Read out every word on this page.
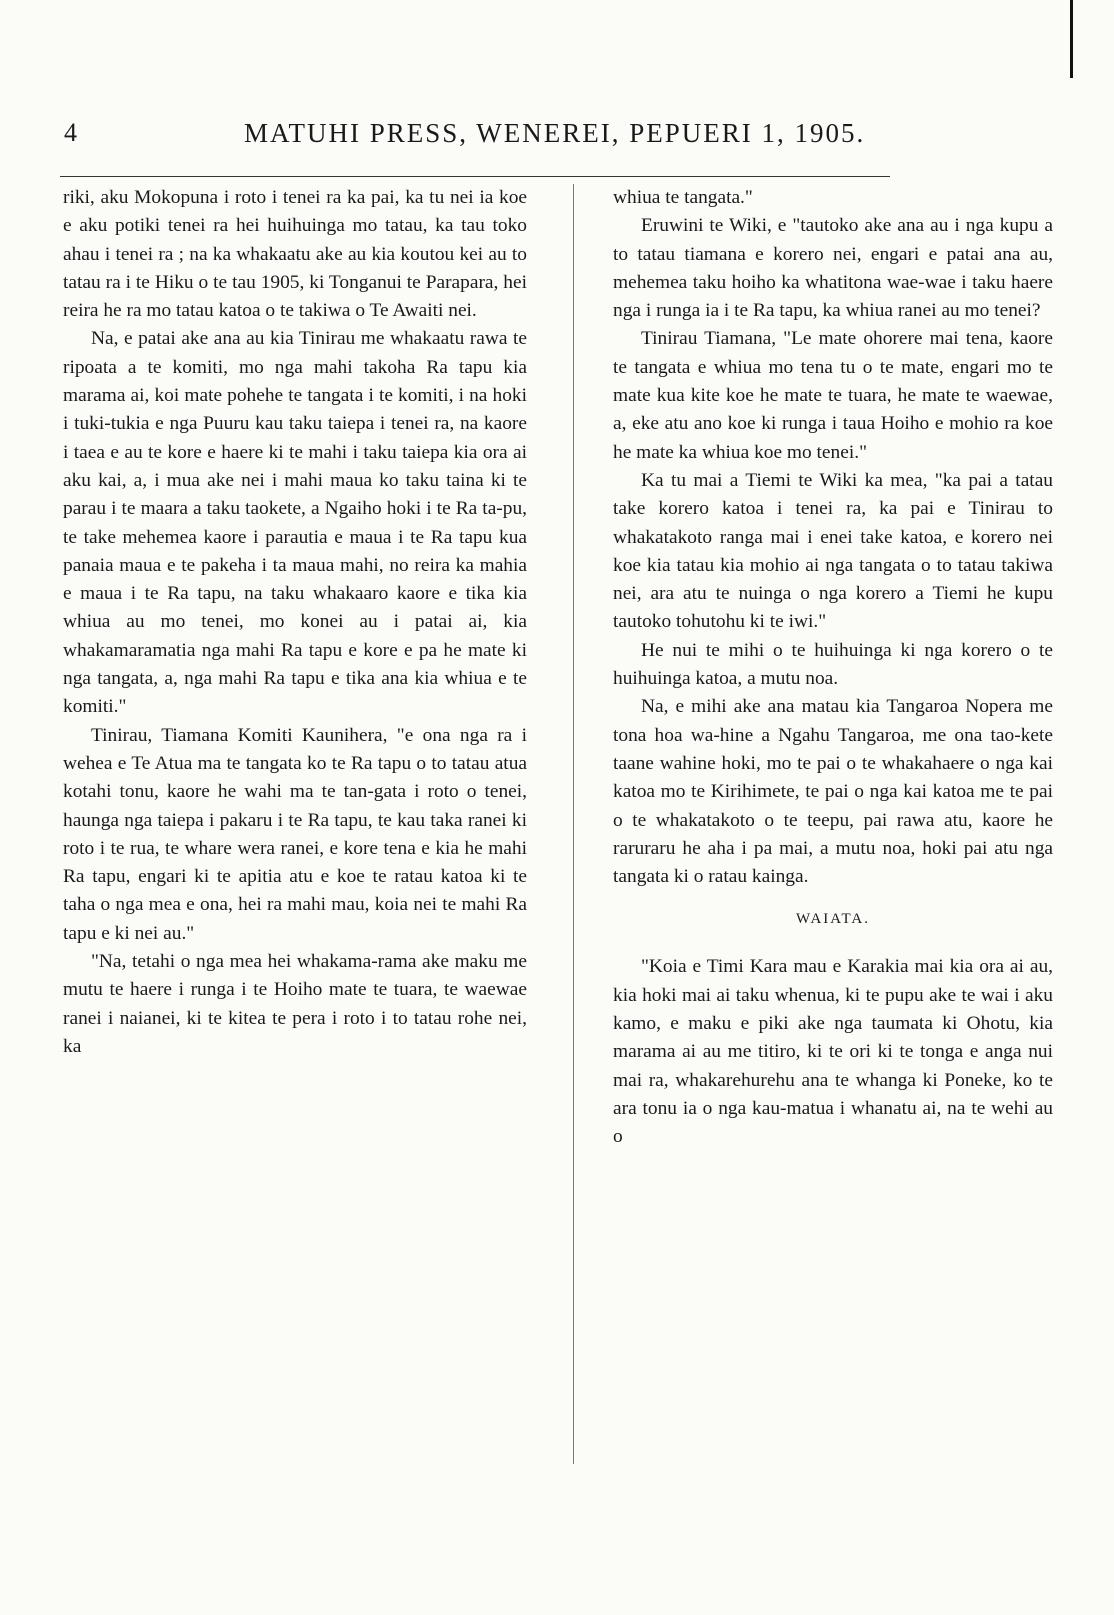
4	MATUHI PRESS, WENEREI, PEPUERI 1, 1905.

riki, aku Mokopuna i roto i tenei ra ka pai, ka tu nei ia koe e aku potiki tenei ra hei huihuinga mo tatau, ka tau toko ahau i tenei ra ; na ka whakaatu ake au kia koutou kei au to tatau ra i te Hiku o te tau 1905, ki Tonganui te Parapara, hei reira he ra mo tatau katoa o te takiwa o Te Awaiti nei.

Na, e patai ake ana au kia Tinirau me whakaatu rawa te ripoata a te komiti, mo nga mahi takoha Ra tapu kia marama ai, koi mate pohehe te tangata i te komiti, i na hoki i tuki-tukia e nga Puuru kau taku taiepa i tenei ra, na kaore i taea e au te kore e haere ki te mahi i taku taiepa kia ora ai aku kai, a, i mua ake nei i mahi maua ko taku taina ki te parau i te maara a taku taokete, a Ngaiho hoki i te Ra ta-pu, te take mehemea kaore i parautia e maua i te Ra tapu kua panaia maua e te pakeha i ta maua mahi, no reira ka mahia e maua i te Ra tapu, na taku whakaaro kaore e tika kia whiua au mo tenei, mo konei au i patai ai, kia whakamaramatia nga mahi Ra tapu e kore e pa he mate ki nga tangata, a, nga mahi Ra tapu e tika ana kia whiua e te komiti."

Tinirau, Tiamana Komiti Kaunihera, "e ona nga ra i wehea e Te Atua ma te tangata ko te Ra tapu o to tatau atua kotahi tonu, kaore he wahi ma te tan-gata i roto o tenei, haunga nga taiepa i pakaru i te Ra tapu, te kau taka ranei ki roto i te rua, te whare wera ranei, e kore tena e kia he mahi Ra tapu, engari ki te apitia atu e koe te ratau katoa ki te taha o nga mea e ona, hei ra mahi mau, koia nei te mahi Ra tapu e ki nei au."

"Na, tetahi o nga mea hei whakama-rama ake maku me mutu te haere i runga i te Hoiho mate te tuara, te waewae ranei i naianei, ki te kitea te pera i roto i to tatau rohe nei, ka

whiua te tangata."

Eruwini te Wiki, e "tautoko ake ana au i nga kupu a to tatau tiamana e korero nei, engari e patai ana au, mehemea taku hoiho ka whatitona wae-wae i taku haere nga i runga ia i te Ra tapu, ka whiua ranei au mo tenei?

Tinirau Tiamana, "Le mate ohorere mai tena, kaore te tangata e whiua mo tena tu o te mate, engari mo te mate kua kite koe he mate te tuara, he mate te waewae, a, eke atu ano koe ki runga i taua Hoiho e mohio ra koe he mate ka whiua koe mo tenei."

Ka tu mai a Tiemi te Wiki ka mea, "ka pai a tatau take korero katoa i tenei ra, ka pai e Tinirau to whakatakoto ranga mai i enei take katoa, e korero nei koe kia tatau kia mohio ai nga tangata o to tatau takiwa nei, ara atu te nuinga o nga korero a Tiemi he kupu tautoko tohutohu ki te iwi."

He nui te mihi o te huihuinga ki nga korero o te huihuinga katoa, a mutu noa.

Na, e mihi ake ana matau kia Tangaroa Nopera me tona hoa wa-hine a Ngahu Tangaroa, me ona tao-kete taane wahine hoki, mo te pai o te whakahaere o nga kai katoa mo te Kirihimete, te pai o nga kai katoa me te pai o te whakatakoto o te teepu, pai rawa atu, kaore he raruraru he aha i pa mai, a mutu noa, hoki pai atu nga tangata ki o ratau kainga.

WAIATA.

"Koia e Timi Kara mau e Karakia mai kia ora ai au, kia hoki mai ai taku whenua, ki te pupu ake te wai i aku kamo, e maku e piki ake nga taumata ki Ohotu, kia marama ai au me titiro, ki te ori ki te tonga e anga nui mai ra, whakarehurehu ana te whanga ki Poneke, ko te ara tonu ia o nga kau-matua i whanatu ai, na te wehi au o
